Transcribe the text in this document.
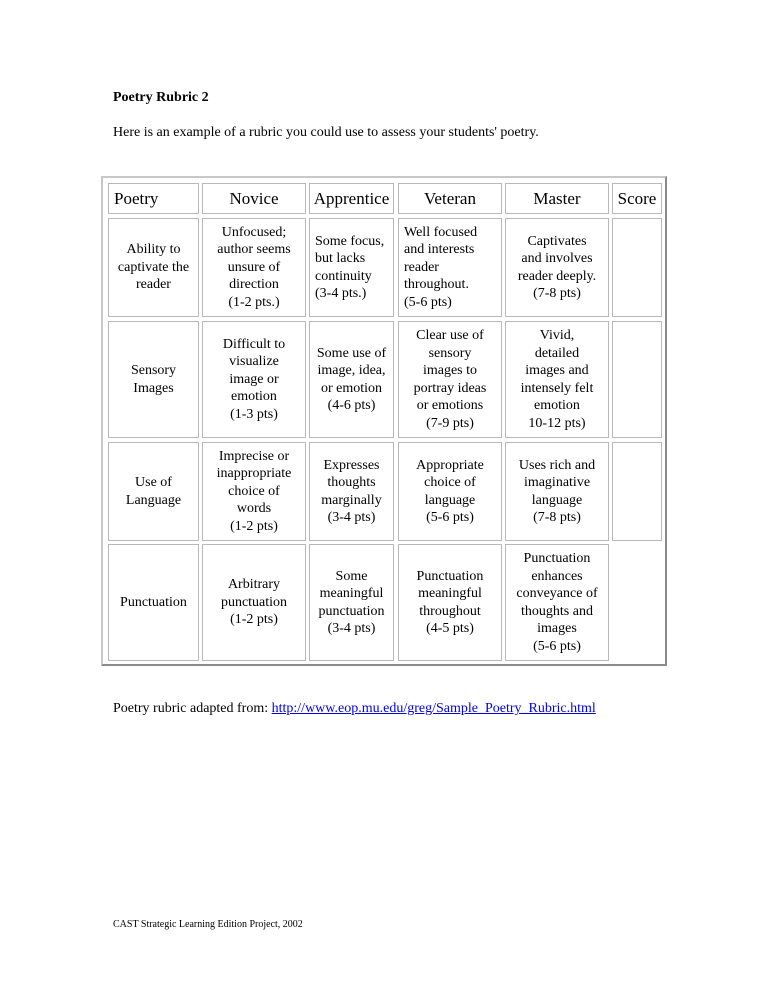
Poetry Rubric 2
Here is an example of a rubric you could use to assess your students' poetry.
Poetry	Novice Apprentice Veteran	Master Score
Ability to
captivate the
reader
Unfocused;
author seems
unsure of
direction
(1-2 pts.)
Some focus,
but lacks
continuity
(3-4 pts.)
Well focused
and interests
reader
throughout.
(5-6 pts)
Captivates
and involves
reader deeply.
(7-8 pts)
Sensory
Images
Difficult to
visualize
image or
emotion
(1-3 pts)
Some use of
image, idea,
or emotion
(4-6 pts)
Clear use of
sensory
images to
portray ideas
or emotions
(7-9 pts)
Vivid,
detailed
images and
intensely felt
emotion
10-12 pts)
Use of
Language
Imprecise or
inappropriate
choice of
words
(1-2 pts)
Expresses
thoughts
marginally
(3-4 pts)
Appropriate
choice of
language
(5-6 pts)
Uses rich and
imaginative
language
(7-8 pts)
Punctuation
Arbitrary
punctuation
(1-2 pts)
Some
meaningful
punctuation
(3-4 pts)
Punctuation
meaningful
throughout
(4-5 pts)
Punctuation
enhances
conveyance of
thoughts and
images
(5-6 pts)
Poetry rubric adapted from: http://www.eop.mu.edu/greg/Sample_Poetry_Rubric.html
CAST Strategic Learning Edition Project, 2002
